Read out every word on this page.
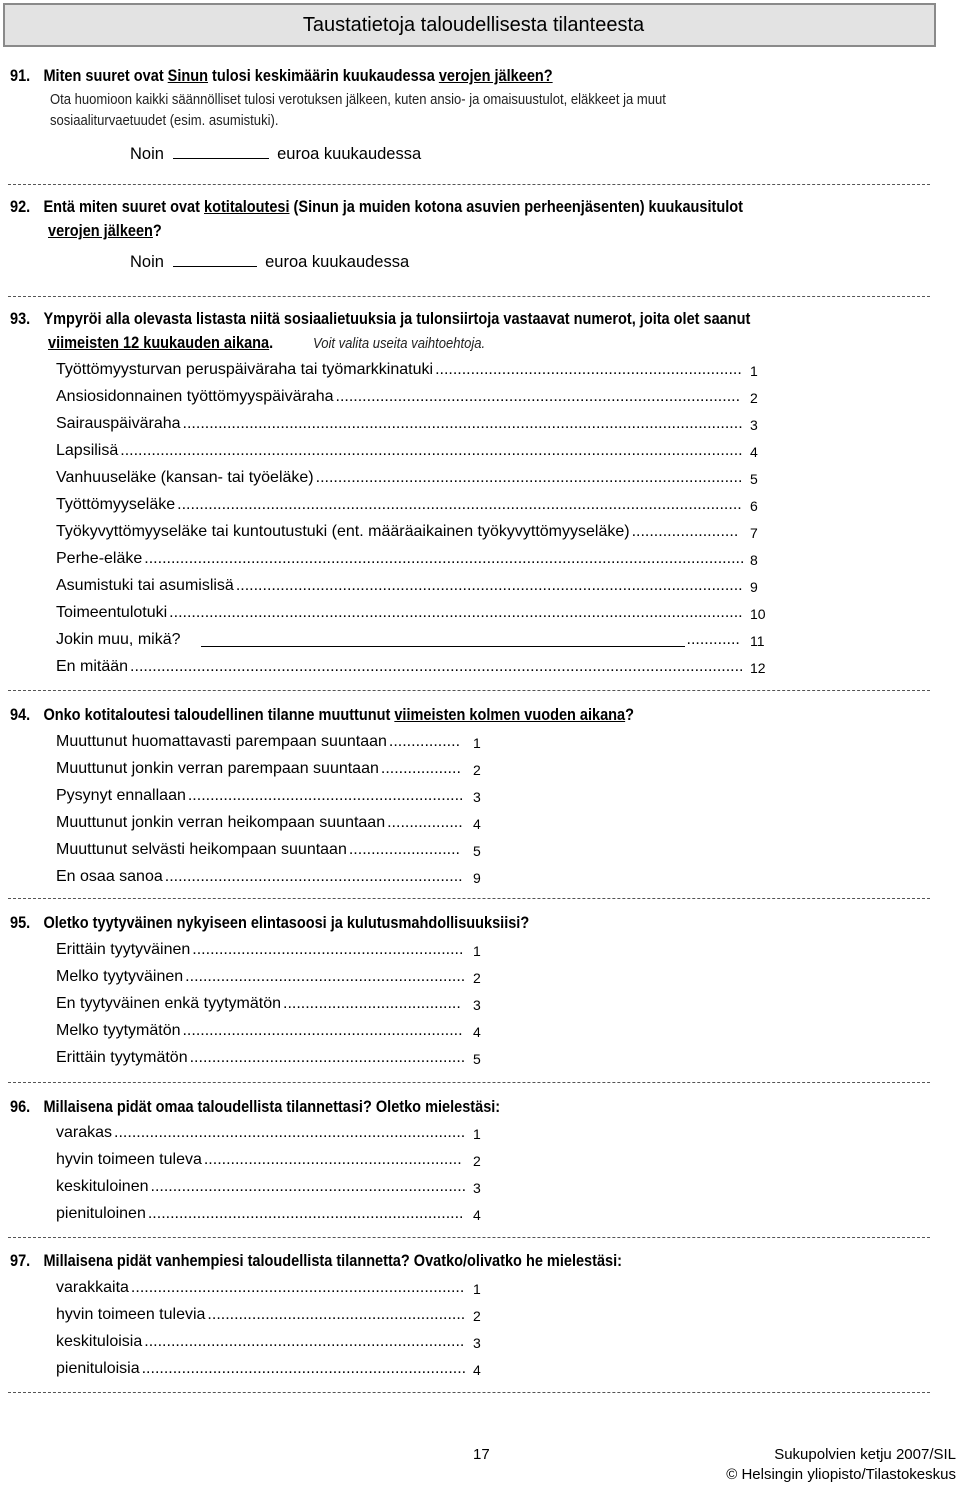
Taustatietoja taloudellisesta tilanteesta
91. Miten suuret ovat Sinun tulosi keskimäärin kuukaudessa verojen jälkeen?
Ota huomioon kaikki säännölliset tulosi verotuksen jälkeen, kuten ansio- ja omaisuustulot, eläkkeet ja muut
sosiaaliturvaetuudet (esim. asumistuki).
Noin	euroa kuukaudessa
92. Entä miten suuret ovat kotitaloutesi (Sinun ja muiden kotona asuvien perheenjäsenten) kuukausitulot
verojen jälkeen?
Noin	euroa kuukaudessa
93. Ympyröi alla olevasta listasta niitä sosiaalietuuksia ja tulonsiirtoja vastaavat numerot, joita olet saanut
viimeisten 12 kuukauden aikana.	Voit valita useita vaihtoehtoja.
Työttömyysturvan peruspäiväraha tai työmarkkinatuki ..................................................................... 1
Ansiosidonnainen työttömyyspäiväraha ........................................................................................... 2
Sairauspäiväraha .............................................................................................................................. 3
Lapsilisä ............................................................................................................................................ 4
Vanhuuseläke (kansan- tai työeläke) ................................................................................................ 5
Työttömyyseläke ............................................................................................................................... 6
Työkyvyttömyyseläke tai kuntoutustuki (ent. määräaikainen työkyvyttömyyseläke) ........................ 7
Perhe-eläke ....................................................................................................................................... 8
Asumistuki tai asumislisä .................................................................................................................. 9
Toimeentulotuki ................................................................................................................................. 10
Jokin muu, mikä?	............ 11
En mitään .......................................................................................................................................... 12
94. Onko kotitaloutesi taloudellinen tilanne muuttunut viimeisten kolmen vuoden aikana?
Muuttunut huomattavasti parempaan suuntaan ................ 1
Muuttunut jonkin verran parempaan suuntaan .................. 2
Pysynyt ennallaan .............................................................. 3
Muuttunut jonkin verran heikompaan suuntaan ................. 4
Muuttunut selvästi heikompaan suuntaan ......................... 5
En osaa sanoa ................................................................... 9
95. Oletko tyytyväinen nykyiseen elintasoosi ja kulutusmahdollisuuksiisi?
Erittäin tyytyväinen ............................................................. 1
Melko tyytyväinen ............................................................... 2
En tyytyväinen enkä tyytymätön ........................................ 3
Melko tyytymätön ............................................................... 4
Erittäin tyytymätön .............................................................. 5
96. Millaisena pidät omaa taloudellista tilannettasi? Oletko mielestäsi:
varakas ............................................................................... 1
hyvin toimeen tuleva .......................................................... 2
keskituloinen ....................................................................... 3
pienituloinen ....................................................................... 4
97. Millaisena pidät vanhempiesi taloudellista tilannetta? Ovatko/olivatko he mielestäsi:
varakkaita ........................................................................... 1
hyvin toimeen tulevia .......................................................... 2
keskituloisia ........................................................................ 3
pienituloisia ......................................................................... 4
17	Sukupolvien ketju 2007/SIL
© Helsingin yliopisto/Tilastokeskus
